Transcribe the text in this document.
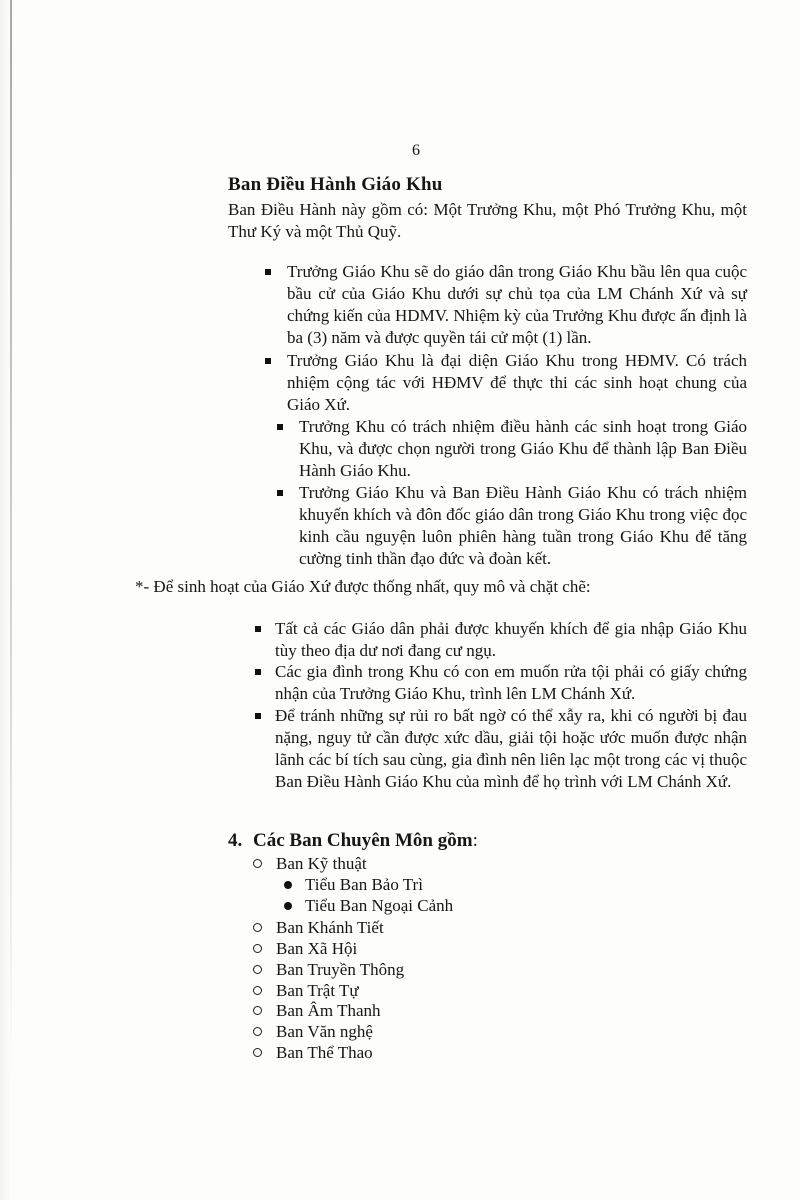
6
Ban Điều Hành Giáo Khu
Ban Điều Hành này gồm có: Một Trưởng Khu, một Phó Trưởng Khu, một Thư Ký và một Thủ Quỹ.
Trưởng Giáo Khu sẽ do giáo dân trong Giáo Khu bầu lên qua cuộc bầu cử của Giáo Khu dưới sự chủ tọa của LM Chánh Xứ và sự chứng kiến của HDMV. Nhiệm kỳ của Trưởng Khu được ấn định là ba (3) năm và được quyền tái cử một (1) lần.
Trưởng Giáo Khu là đại diện Giáo Khu trong HĐMV. Có trách nhiệm cộng tác với HĐMV để thực thi các sinh hoạt chung của Giáo Xứ.
Trưởng Khu có trách nhiệm điều hành các sinh hoạt trong Giáo Khu, và được chọn người trong Giáo Khu để thành lập Ban Điều Hành Giáo Khu.
Trưởng Giáo Khu và Ban Điều Hành Giáo Khu có trách nhiệm khuyến khích và đôn đốc giáo dân trong Giáo Khu trong việc đọc kinh cầu nguyện luôn phiên hàng tuần trong Giáo Khu để tăng cường tinh thần đạo đức và đoàn kết.
*- Để sinh hoạt của Giáo Xứ được thống nhất, quy mô và chặt chẽ:
Tất cả các Giáo dân phải được khuyến khích để gia nhập Giáo Khu tùy theo địa dư nơi đang cư ngụ.
Các gia đình trong Khu có con em muốn rửa tội phải có giấy chứng nhận của Trưởng Giáo Khu, trình lên LM Chánh Xứ.
Để tránh những sự rủi ro bất ngờ có thể xẫy ra, khi có người bị đau nặng, nguy tử cần được xức dầu, giải tội hoặc ước muốn được nhận lãnh các bí tích sau cùng, gia đình nên liên lạc một trong các vị thuộc Ban Điều Hành Giáo Khu của mình để họ trình với LM Chánh Xứ.
4. Các Ban Chuyên Môn gồm:
Ban Kỹ thuật
Tiểu Ban Bảo Trì
Tiểu Ban Ngoại Cảnh
Ban Khánh Tiết
Ban Xã Hội
Ban Truyền Thông
Ban Trật Tự
Ban Âm Thanh
Ban Văn nghệ
Ban Thể Thao
